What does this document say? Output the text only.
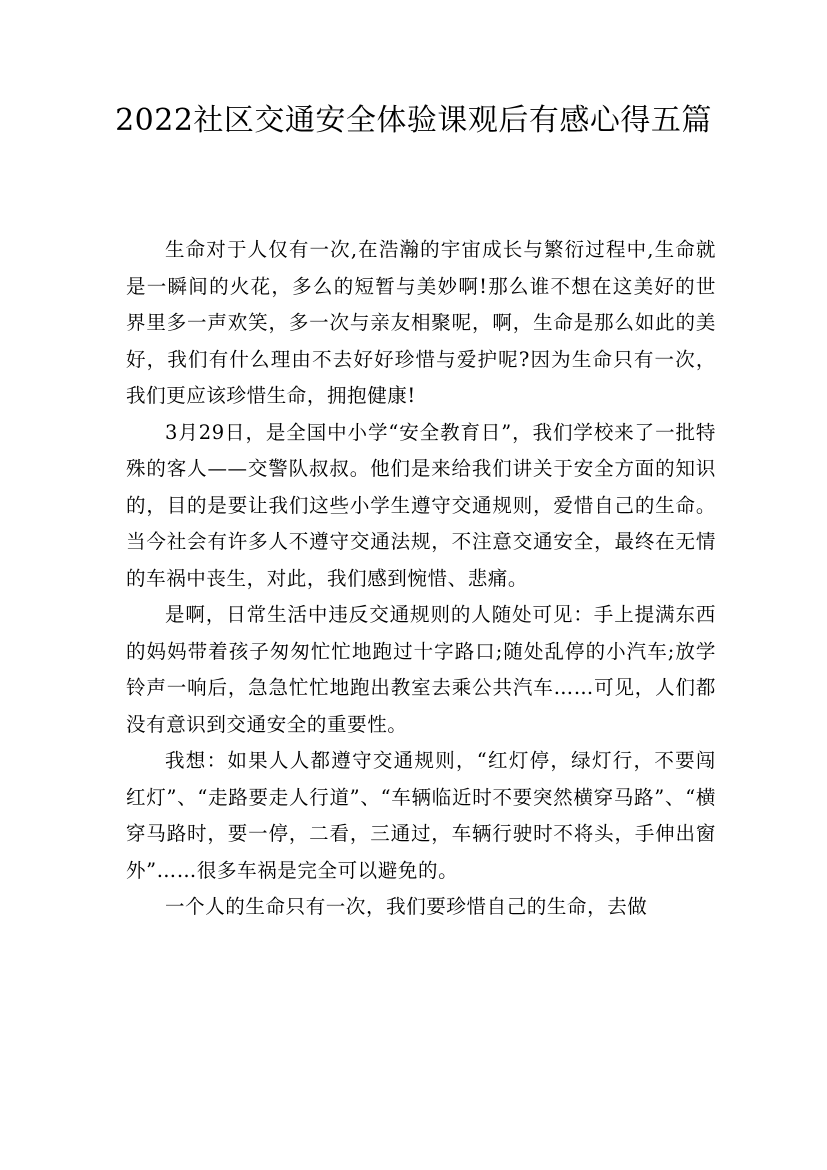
2022社区交通安全体验课观后有感心得五篇

生命对于人仅有一次,在浩瀚的宇宙成长与繁衍过程中,生命就是一瞬间的火花，多么的短暂与美妙啊!那么谁不想在这美好的世界里多一声欢笑，多一次与亲友相聚呢，啊，生命是那么如此的美好，我们有什么理由不去好好珍惜与爱护呢?因为生命只有一次，我们更应该珍惜生命，拥抱健康!

3月29日，是全国中小学“安全教育日”，我们学校来了一批特殊的客人——交警队叔叔。他们是来给我们讲关于安全方面的知识的，目的是要让我们这些小学生遵守交通规则，爱惜自己的生命。当今社会有许多人不遵守交通法规，不注意交通安全，最终在无情的车祸中丧生，对此，我们感到惋惜、悲痛。

是啊，日常生活中违反交通规则的人随处可见：手上提满东西的妈妈带着孩子匆匆忙忙地跑过十字路口;随处乱停的小汽车;放学铃声一响后，急急忙忙地跑出教室去乘公共汽车……可见，人们都没有意识到交通安全的重要性。

我想：如果人人都遵守交通规则，“红灯停，绿灯行，不要闯红灯”、“走路要走人行道”、“车辆临近时不要突然横穿马路”、“横穿马路时，要一停，二看，三通过，车辆行驶时不将头，手伸出窗外”……很多车祸是完全可以避免的。

一个人的生命只有一次，我们要珍惜自己的生命，去做
